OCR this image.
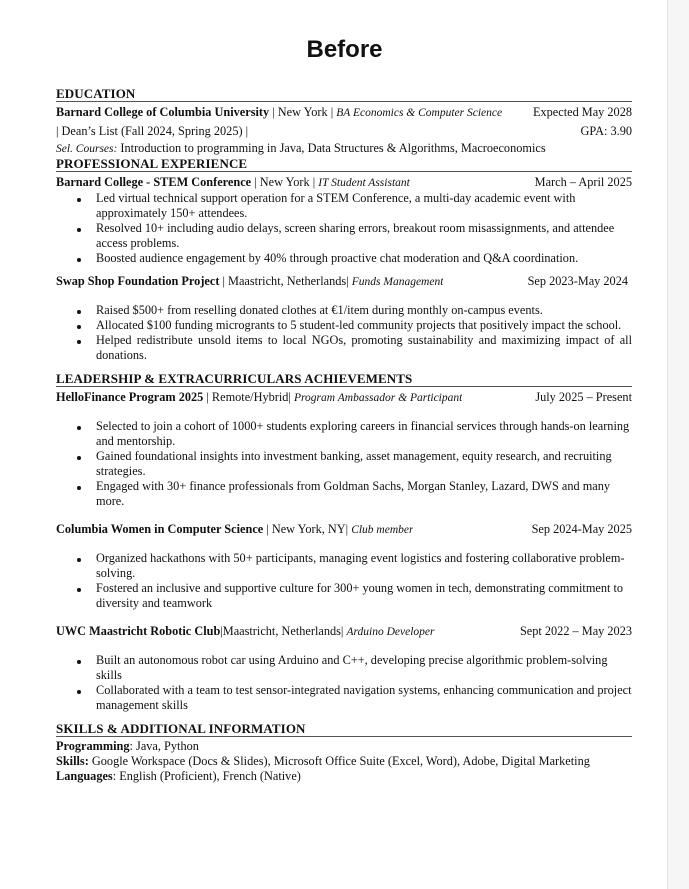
Before
EDUCATION
Barnard College of Columbia University | New York | BA Economics & Computer Science	Expected May 2028
| Dean’s List (Fall 2024, Spring 2025) |	GPA: 3.90
Sel. Courses: Introduction to programming in Java, Data Structures & Algorithms, Macroeconomics
PROFESSIONAL EXPERIENCE
Barnard College - STEM Conference | New York | IT Student Assistant	March – April 2025
Led virtual technical support operation for a STEM Conference, a multi-day academic event with approximately 150+ attendees.
Resolved 10+ including audio delays, screen sharing errors, breakout room misassignments, and attendee access problems.
Boosted audience engagement by 40% through proactive chat moderation and Q&A coordination.
Swap Shop Foundation Project | Maastricht, Netherlands| Funds Management	Sep 2023-May 2024
Raised $500+ from reselling donated clothes at €1/item during monthly on-campus events.
Allocated $100 funding microgrants to 5 student-led community projects that positively impact the school.
Helped redistribute unsold items to local NGOs, promoting sustainability and maximizing impact of all donations.
LEADERSHIP & EXTRACURRICULARS ACHIEVEMENTS
HelloFinance Program 2025 | Remote/Hybrid| Program Ambassador & Participant	July 2025 – Present
Selected to join a cohort of 1000+ students exploring careers in financial services through hands-on learning and mentorship.
Gained foundational insights into investment banking, asset management, equity research, and recruiting strategies.
Engaged with 30+ finance professionals from Goldman Sachs, Morgan Stanley, Lazard, DWS and many more.
Columbia Women in Computer Science | New York, NY| Club member	Sep 2024-May 2025
Organized hackathons with 50+ participants, managing event logistics and fostering collaborative problem-solving.
Fostered an inclusive and supportive culture for 300+ young women in tech, demonstrating commitment to diversity and teamwork
UWC Maastricht Robotic Club|Maastricht, Netherlands| Arduino Developer	Sept 2022 – May 2023
Built an autonomous robot car using Arduino and C++, developing precise algorithmic problem-solving skills
Collaborated with a team to test sensor-integrated navigation systems, enhancing communication and project management skills
SKILLS & ADDITIONAL INFORMATION
Programming: Java, Python
Skills: Google Workspace (Docs & Slides), Microsoft Office Suite (Excel, Word), Adobe, Digital Marketing
Languages: English (Proficient), French (Native)
